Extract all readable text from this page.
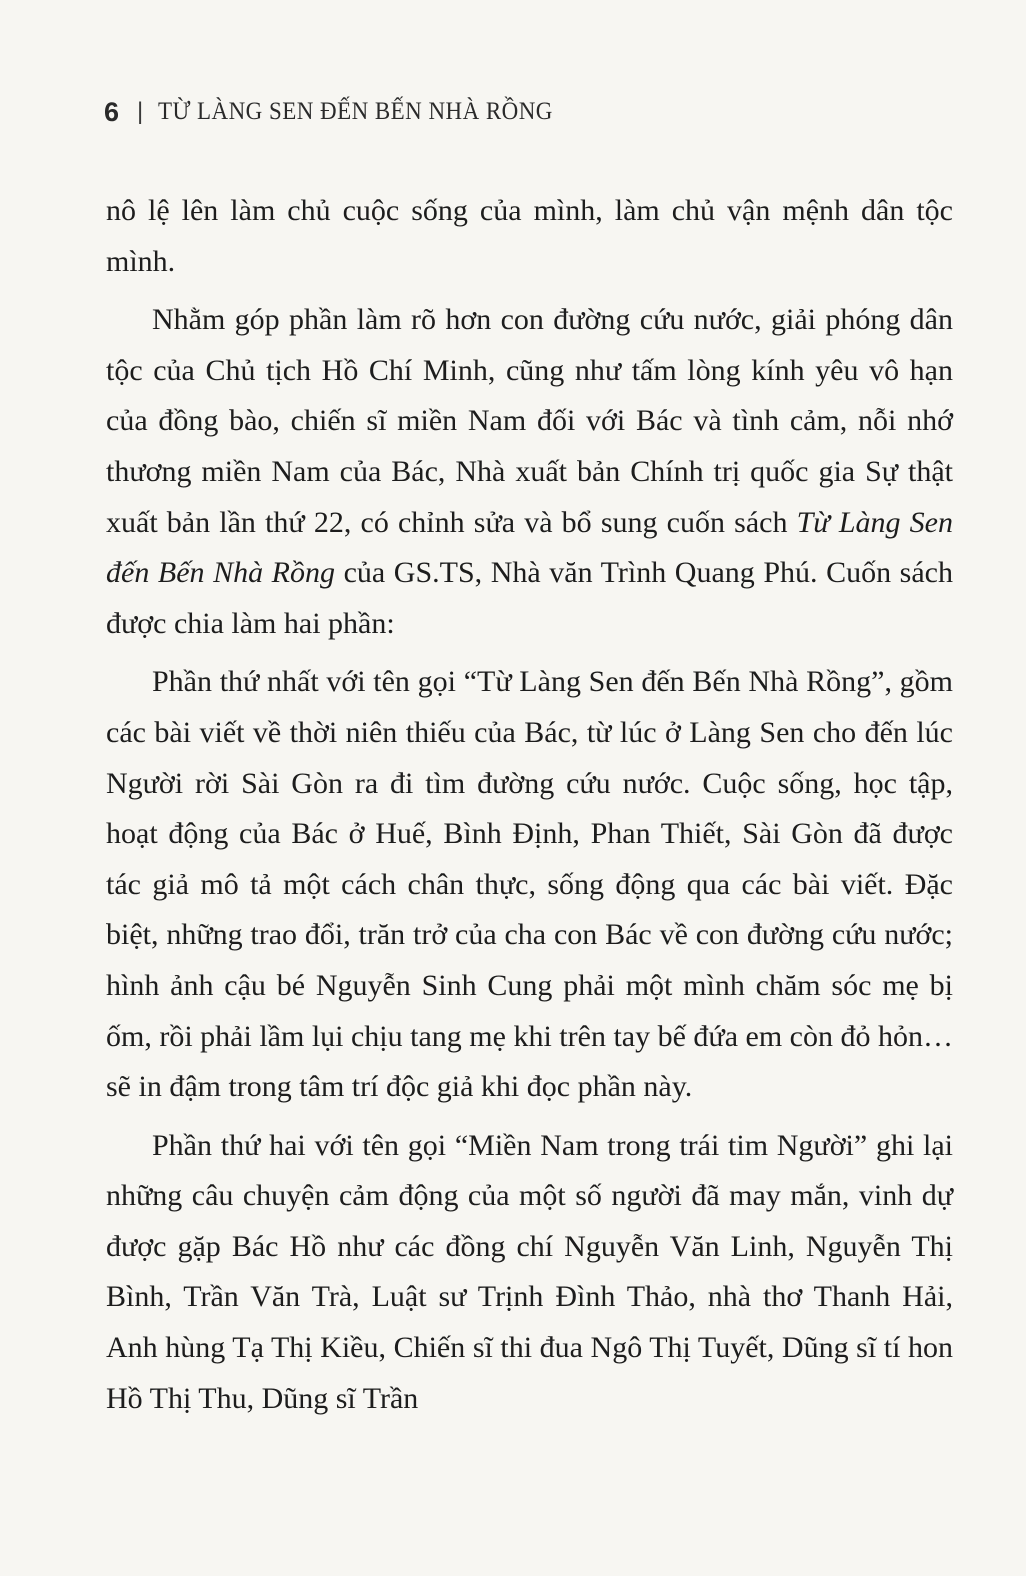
6 | TỪ LÀNG SEN ĐẾN BẾN NHÀ RỒNG

nô lệ lên làm chủ cuộc sống của mình, làm chủ vận mệnh dân tộc mình.

Nhằm góp phần làm rõ hơn con đường cứu nước, giải phóng dân tộc của Chủ tịch Hồ Chí Minh, cũng như tấm lòng kính yêu vô hạn của đồng bào, chiến sĩ miền Nam đối với Bác và tình cảm, nỗi nhớ thương miền Nam của Bác, Nhà xuất bản Chính trị quốc gia Sự thật xuất bản lần thứ 22, có chỉnh sửa và bổ sung cuốn sách Từ Làng Sen đến Bến Nhà Rồng của GS.TS, Nhà văn Trình Quang Phú. Cuốn sách được chia làm hai phần:

Phần thứ nhất với tên gọi “Từ Làng Sen đến Bến Nhà Rồng”, gồm các bài viết về thời niên thiếu của Bác, từ lúc ở Làng Sen cho đến lúc Người rời Sài Gòn ra đi tìm đường cứu nước. Cuộc sống, học tập, hoạt động của Bác ở Huế, Bình Định, Phan Thiết, Sài Gòn đã được tác giả mô tả một cách chân thực, sống động qua các bài viết. Đặc biệt, những trao đổi, trăn trở của cha con Bác về con đường cứu nước; hình ảnh cậu bé Nguyễn Sinh Cung phải một mình chăm sóc mẹ bị ốm, rồi phải lầm lụi chịu tang mẹ khi trên tay bế đứa em còn đỏ hỏn… sẽ in đậm trong tâm trí độc giả khi đọc phần này.

Phần thứ hai với tên gọi “Miền Nam trong trái tim Người” ghi lại những câu chuyện cảm động của một số người đã may mắn, vinh dự được gặp Bác Hồ như các đồng chí Nguyễn Văn Linh, Nguyễn Thị Bình, Trần Văn Trà, Luật sư Trịnh Đình Thảo, nhà thơ Thanh Hải, Anh hùng Tạ Thị Kiều, Chiến sĩ thi đua Ngô Thị Tuyết, Dũng sĩ tí hon Hồ Thị Thu, Dũng sĩ Trần
